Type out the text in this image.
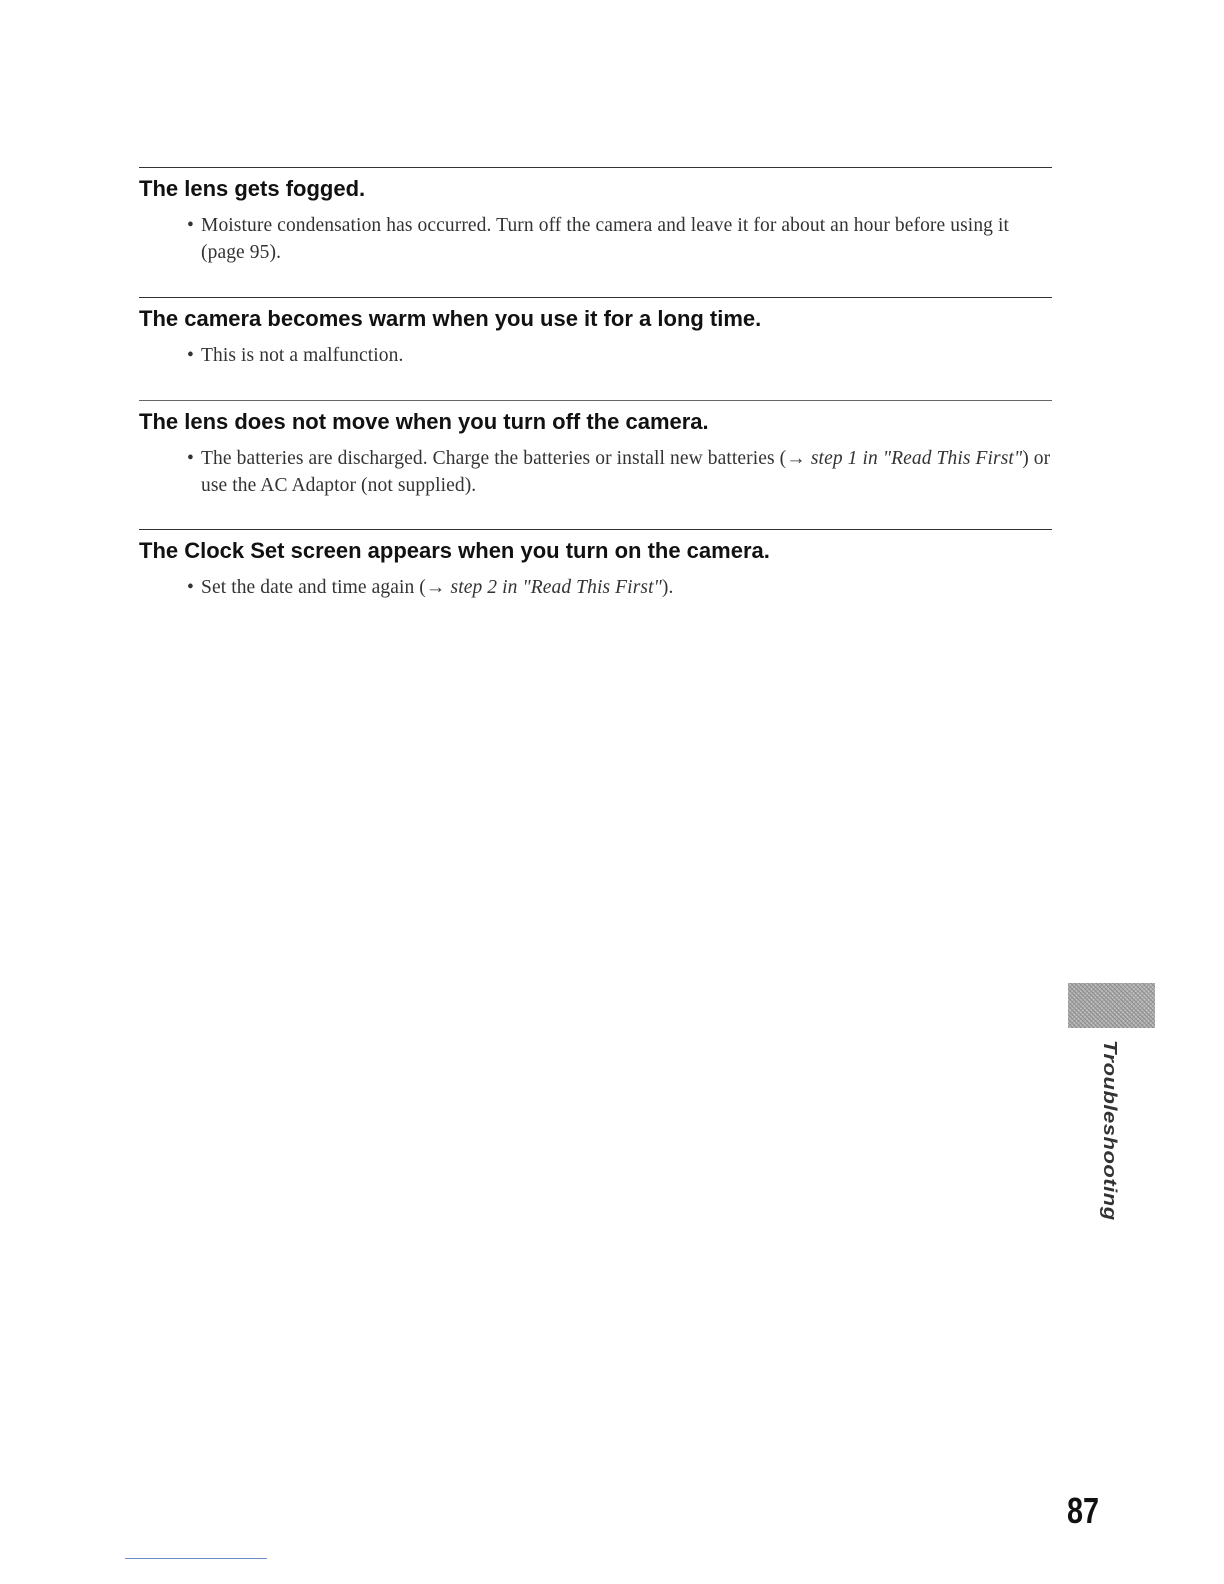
The lens gets fogged.
• Moisture condensation has occurred. Turn off the camera and leave it for about an hour before using it (page 95).
The camera becomes warm when you use it for a long time.
• This is not a malfunction.
The lens does not move when you turn off the camera.
• The batteries are discharged. Charge the batteries or install new batteries (→ step 1 in "Read This First") or use the AC Adaptor (not supplied).
The Clock Set screen appears when you turn on the camera.
• Set the date and time again (→ step 2 in "Read This First").
Troubleshooting
87
